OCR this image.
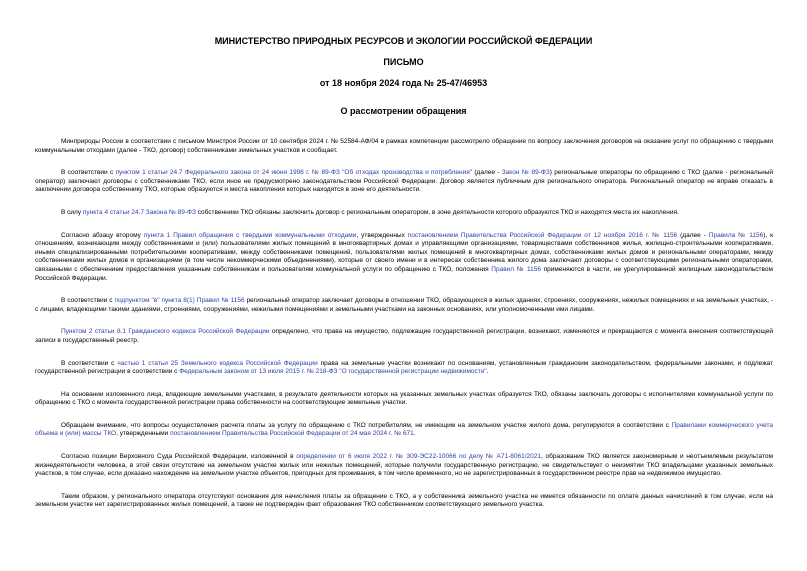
МИНИСТЕРСТВО ПРИРОДНЫХ РЕСУРСОВ И ЭКОЛОГИИ РОССИЙСКОЙ ФЕДЕРАЦИИ

ПИСЬМО

от 18 ноября 2024 года № 25-47/46953

О рассмотрении обращения

Минприроды России в соответствии с письмом Минстроя России от 10 сентября 2024 г. № 52584-АФ/04 в рамках компетенции рассмотрело обращение по вопросу заключения договоров на оказание услуг по обращению с твердыми коммунальными отходами (далее - ТКО, договор) собственниками земельных участков и сообщает.

В соответствии с пунктом 1 статьи 24.7 Федерального закона от 24 июня 1998 г. № 89-ФЗ "Об отходах производства и потребления" (далее - Закон № 89-ФЗ) региональные операторы по обращению с ТКО (далее - региональный оператор) заключают договоры с собственниками ТКО, если иное не предусмотрено законодательством Российской Федерации. Договор является публичным для регионального оператора. Региональный оператор не вправе отказать в заключении договора собственнику ТКО, которые образуются и места накопления которых находятся в зоне его деятельности.

В силу пункта 4 статьи 24.7 Закона № 89-ФЗ собственники ТКО обязаны заключить договор с региональным оператором, в зоне деятельности которого образуются ТКО и находятся места их накопления.

Согласно абзацу второму пункта 1 Правил обращения с твердыми коммунальными отходами, утвержденных постановлением Правительства Российской Федерации от 12 ноября 2016 г. № 1156 (далее - Правила № 1156), к отношениям, возникающим между собственниками и (или) пользователями жилых помещений в многоквартирных домах и управляющими организациями, товариществами собственников жилья, жилищно-строительными кооперативами, иными специализированными потребительскими кооперативами, между собственниками помещений, пользователями жилых помещений в многоквартирных домах, собственниками жилых домов и региональными операторами, между собственниками жилых домов и организациями (в том числе некоммерческими объединениями), которые от своего имени и в интересах собственника жилого дома заключают договоры с соответствующими региональными операторами, связанными с обеспечением предоставления указанным собственникам и пользователям коммунальной услуги по обращению с ТКО, положения Правил № 1156 применяются в части, не урегулированной жилищным законодательством Российской Федерации.

В соответствии с подпунктом "в" пункта 8(1) Правил № 1156 региональный оператор заключает договоры в отношении ТКО, образующихся в жилых зданиях, строениях, сооружениях, нежилых помещениях и на земельных участках, - с лицами, владеющими такими зданиями, строениями, сооружениями, нежилыми помещениями и земельными участками на законных основаниях, или уполномоченными ими лицами.

Пунктом 2 статьи 8.1 Гражданского кодекса Российской Федерации определено, что права на имущество, подлежащие государственной регистрации, возникают, изменяются и прекращаются с момента внесения соответствующей записи в государственный реестр.

В соответствии с частью 1 статьи 25 Земельного кодекса Российской Федерации права на земельные участки возникают по основаниям, установленным гражданским законодательством, федеральными законами, и подлежат государственной регистрации в соответствии с Федеральным законом от 13 июля 2015 г. № 218-ФЗ "О государственной регистрации недвижимости".

На основании изложенного лица, владеющие земельными участками, в результате деятельности которых на указанных земельных участках образуется ТКО, обязаны заключать договоры с исполнителями коммунальной услуги по обращению с ТКО с момента государственной регистрации права собственности на соответствующие земельные участки.

Обращаем внимание, что вопросы осуществления расчета платы за услугу по обращению с ТКО потребителям, не имеющим на земельном участке жилого дома, регулируются в соответствии с Правилами коммерческого учета объема и (или) массы ТКО, утвержденными постановлением Правительства Российской Федерации от 24 мая 2024 г. № 671.

Согласно позиции Верховного Суда Российской Федерации, изложенной в определении от 6 июля 2022 г. № 309-ЭС22-10066 по делу № А71-8061/2021, образование ТКО является закономерным и неотъемлемым результатом жизнедеятельности человека, в этой связи отсутствие на земельном участке жилых или нежилых помещений, которые получили государственную регистрацию, не свидетельствует о неизмятии ТКО владельцами указанных земельных участков, в том случае, если доказано нахождение на земельном участке объектов, пригодных для проживания, в том числе временного, но не зарегистрированных в государственном реестре прав на недвижимое имущество.

Таким образом, у регионального оператора отсутствуют основания для начисления платы за обращение с ТКО, а у собственника земельного участка не имеется обязанности по оплате данных начислений в том случае, если на земельном участке нет зарегистрированных жилых помещений, а также не подтвержден факт образования ТКО собственником соответствующего земельного участка.
